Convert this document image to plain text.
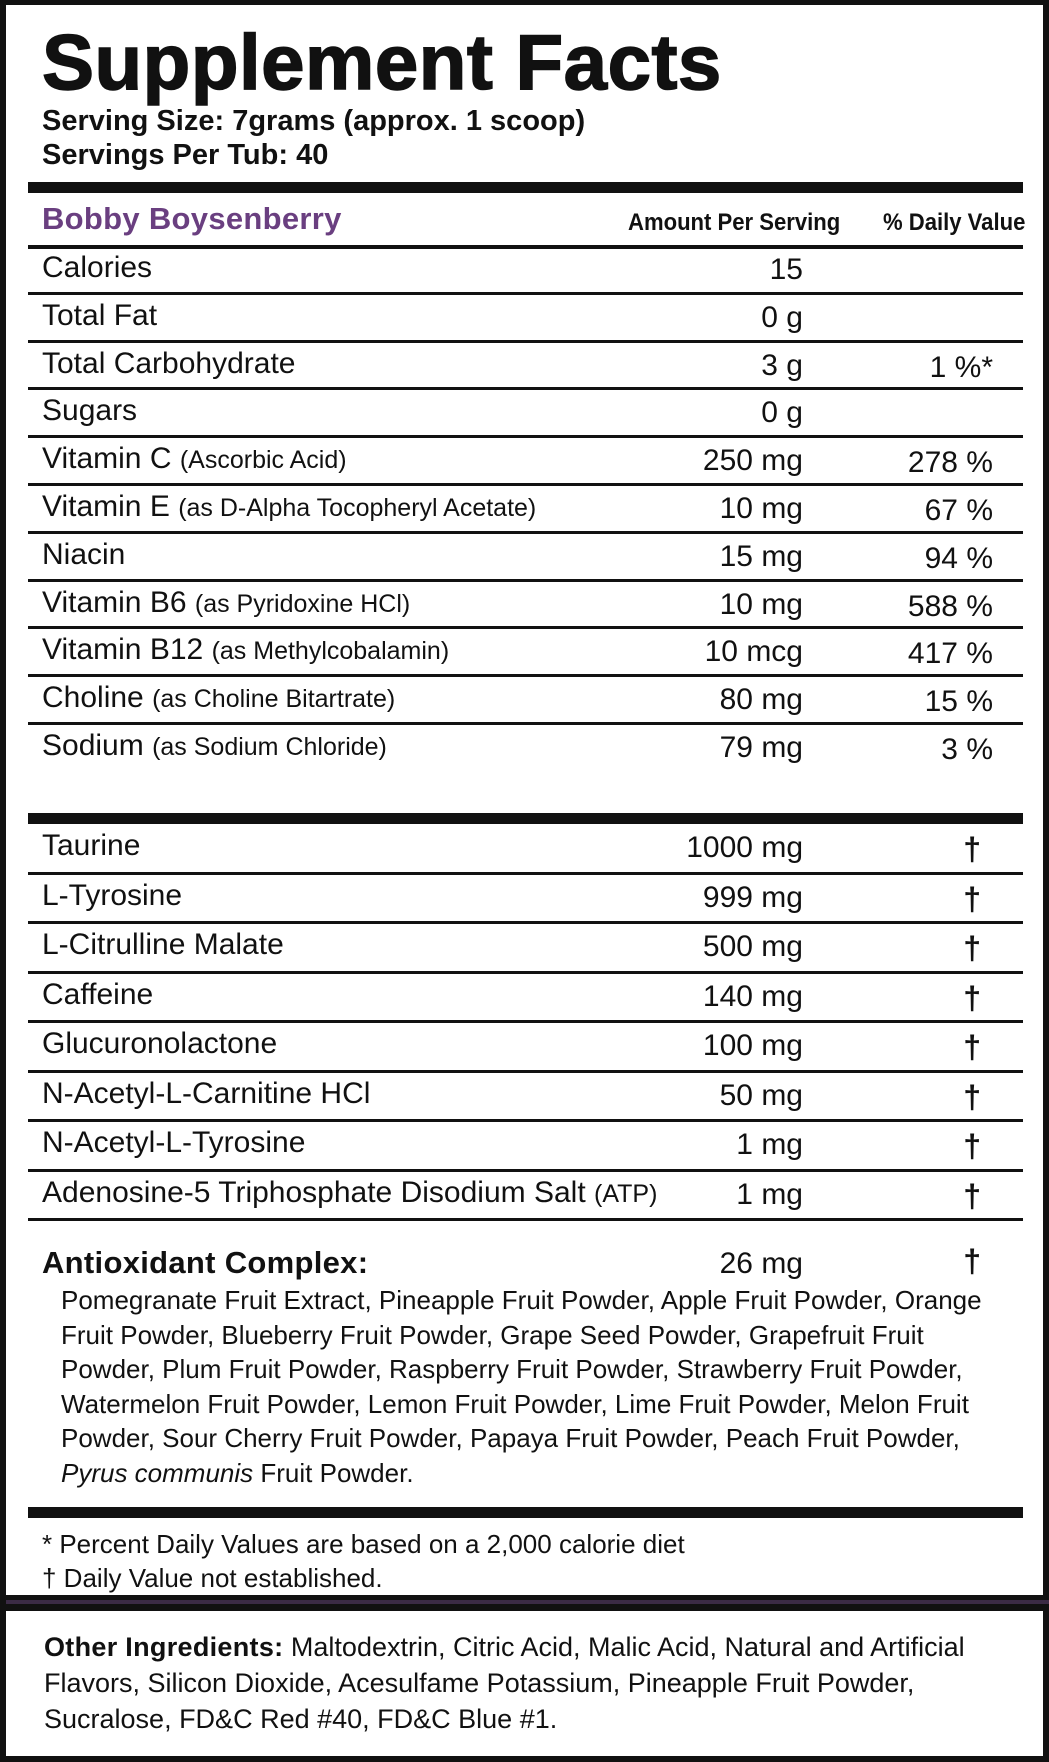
Supplement Facts
Serving Size: 7grams (approx. 1 scoop)
Servings Per Tub: 40
Bobby Boysenberry	Amount Per Serving % Daily Value
Calories	15
Total Fat	0 g
Total Carbohydrate	3 g	1 %*
Sugars	0 g
Vitamin C (Ascorbic Acid)	250 mg	278 %
Vitamin E (as D-Alpha Tocopheryl Acetate)	10 mg	67 %
Niacin	15 mg	94 %
Vitamin B6 (as Pyridoxine HCl)	10 mg	588 %
Vitamin B12 (as Methylcobalamin)	10 mcg	417 %
Choline (as Choline Bitartrate)	80 mg	15 %
Sodium (as Sodium Chloride)	79 mg	3 %
Taurine	1000 mg	†
L-Tyrosine	999 mg	†
L-Citrulline Malate	500 mg	†
Caffeine	140 mg	†
Glucuronolactone	100 mg	†
N-Acetyl-L-Carnitine HCl	50 mg	†
N-Acetyl-L-Tyrosine	1 mg	†
Adenosine-5 Triphosphate Disodium Salt (ATP)	1 mg	†
Antioxidant Complex:	26 mg	†
Pomegranate Fruit Extract, Pineapple Fruit Powder, Apple Fruit Powder, Orange Fruit Powder, Blueberry Fruit Powder, Grape Seed Powder, Grapefruit Fruit Powder, Plum Fruit Powder, Raspberry Fruit Powder, Strawberry Fruit Powder, Watermelon Fruit Powder, Lemon Fruit Powder, Lime Fruit Powder, Melon Fruit Powder, Sour Cherry Fruit Powder, Papaya Fruit Powder, Peach Fruit Powder, Pyrus communis Fruit Powder.
* Percent Daily Values are based on a 2,000 calorie diet
† Daily Value not established.
Other Ingredients: Maltodextrin, Citric Acid, Malic Acid, Natural and Artificial Flavors, Silicon Dioxide, Acesulfame Potassium, Pineapple Fruit Powder, Sucralose, FD&C Red #40, FD&C Blue #1.
